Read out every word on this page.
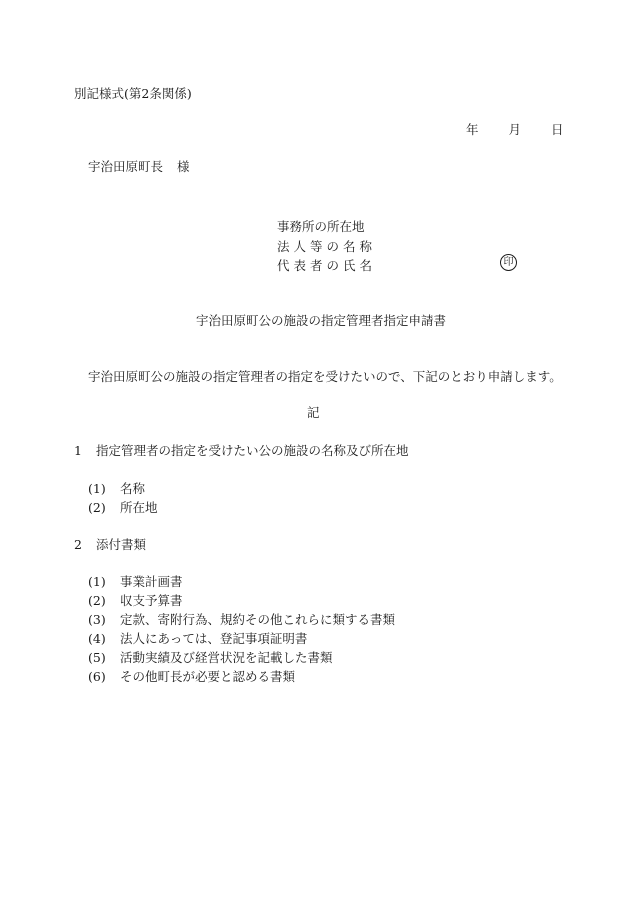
別記様式(第2条関係)
年 月 日
宇治田原町長 様
事務所の所在地
法人等の名称
代表者の氏名	印
宇治田原町公の施設の指定管理者指定申請書
宇治田原町公の施設の指定管理者の指定を受けたいので、下記のとおり申請します。
記
1 指定管理者の指定を受けたい公の施設の名称及び所在地
(1) 名称
(2) 所在地
2 添付書類
(1) 事業計画書
(2) 収支予算書
(3) 定款、寄附行為、規約その他これらに類する書類
(4) 法人にあっては、登記事項証明書
(5) 活動実績及び経営状況を記載した書類
(6) その他町長が必要と認める書類
